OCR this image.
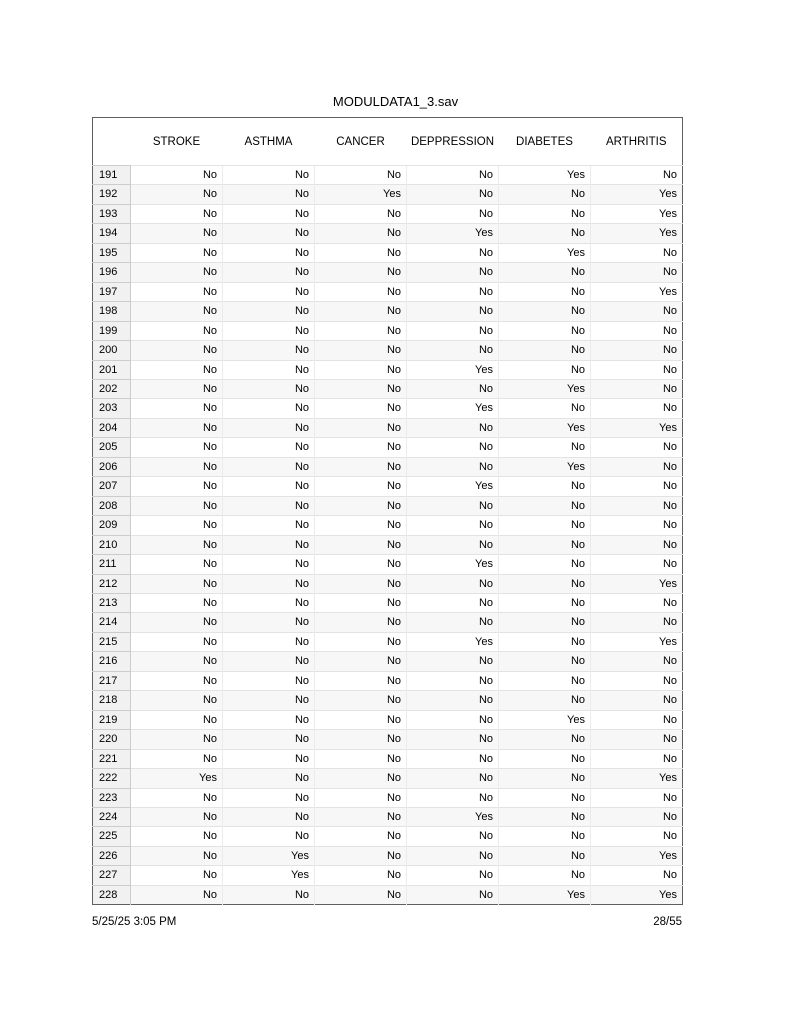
MODULDATA1_3.sav
	STROKE	ASTHMA	CANCER	DEPPRESSION	DIABETES	ARTHRITIS
191	No	No	No	No	Yes	No
192	No	No	Yes	No	No	Yes
193	No	No	No	No	No	Yes
194	No	No	No	Yes	No	Yes
195	No	No	No	No	Yes	No
196	No	No	No	No	No	No
197	No	No	No	No	No	Yes
198	No	No	No	No	No	No
199	No	No	No	No	No	No
200	No	No	No	No	No	No
201	No	No	No	Yes	No	No
202	No	No	No	No	Yes	No
203	No	No	No	Yes	No	No
204	No	No	No	No	Yes	Yes
205	No	No	No	No	No	No
206	No	No	No	No	Yes	No
207	No	No	No	Yes	No	No
208	No	No	No	No	No	No
209	No	No	No	No	No	No
210	No	No	No	No	No	No
211	No	No	No	Yes	No	No
212	No	No	No	No	No	Yes
213	No	No	No	No	No	No
214	No	No	No	No	No	No
215	No	No	No	Yes	No	Yes
216	No	No	No	No	No	No
217	No	No	No	No	No	No
218	No	No	No	No	No	No
219	No	No	No	No	Yes	No
220	No	No	No	No	No	No
221	No	No	No	No	No	No
222	Yes	No	No	No	No	Yes
223	No	No	No	No	No	No
224	No	No	No	Yes	No	No
225	No	No	No	No	No	No
226	No	Yes	No	No	No	Yes
227	No	Yes	No	No	No	No
228	No	No	No	No	Yes	Yes
5/25/25 3:05 PM	28/55
